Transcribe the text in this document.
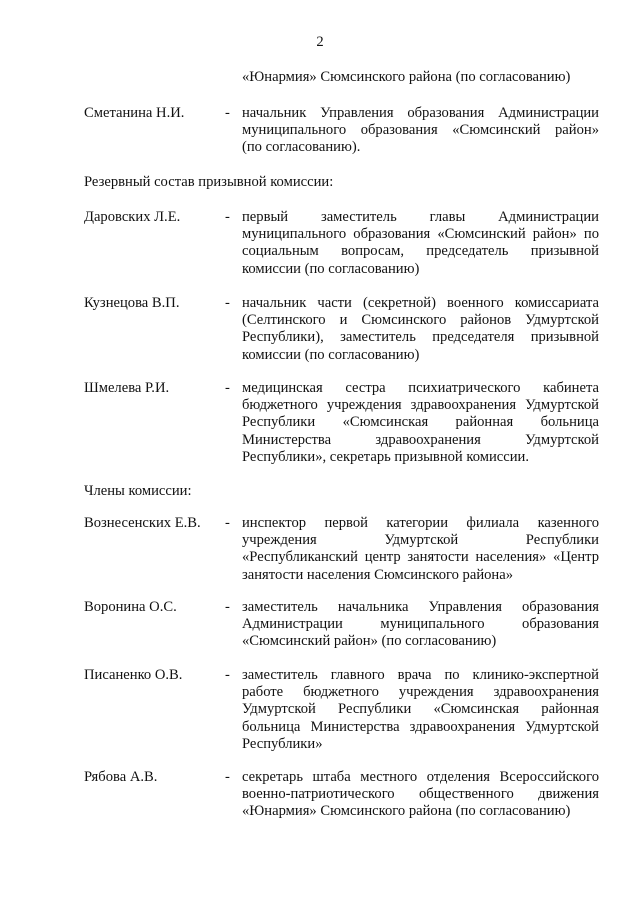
2
«Юнармия» Сюмсинского района (по согласованию)
Сметанина Н.И.	- начальник Управления образования Администрации

муниципального образования «Сюмсинский район»

(по согласованию).

Резервный состав призывной комиссии:
Даровских Л.Е.	- первый заместитель главы Администрации

муниципального образования «Сюмсинский район» по

социальным вопросам, председатель призывной

комиссии (по согласованию)

Кузнецова В.П.	- начальник части (секретной) военного комиссариата

(Селтинского и Сюмсинского районов Удмуртской

Республики), заместитель председателя призывной

комиссии (по согласованию)

Шмелева Р.И.	- медицинская сестра психиатрического кабинета

бюджетного учреждения здравоохранения Удмуртской

Республики «Сюмсинская районная больница

Министерства здравоохранения Удмуртской

Республики», секретарь призывной комиссии.

Члены комиссии:
Вознесенских Е.В. - инспектор первой категории филиала казенного

учреждения Удмуртской Республики

«Республиканский центр занятости населения» «Центр

занятости населения Сюмсинского района»

Воронина О.С.	- заместитель начальника Управления образования

Администрации муниципального образования

«Сюмсинский район» (по согласованию)

Писаненко О.В.	- заместитель главного врача по клинико-экспертной

работе бюджетного учреждения здравоохранения

Удмуртской Республики «Сюмсинская районная

больница Министерства здравоохранения Удмуртской

Республики»

Рябова А.В.	- секретарь штаба местного отделения Всероссийского

военно-патриотического общественного движения

«Юнармия» Сюмсинского района (по согласованию)
